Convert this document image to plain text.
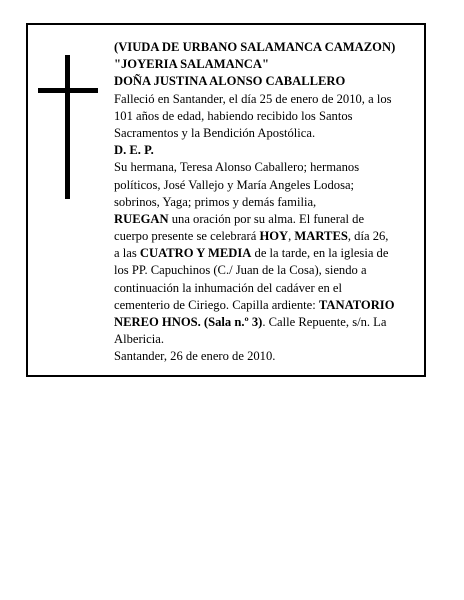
(VIUDA DE URBANO SALAMANCA CAMAZON)
"JOYERIA SALAMANCA"
DOÑA JUSTINA ALONSO CABALLERO
Falleció en Santander, el día 25 de enero de 2010, a los
101 años de edad, habiendo recibido los Santos
Sacramentos y la Bendición Apostólica.
D. E. P.
Su hermana, Teresa Alonso Caballero; hermanos
políticos, José Vallejo y María Angeles Lodosa;
sobrinos, Yaga; primos y demás familia,
RUEGAN una oración por su alma. El funeral de
cuerpo presente se celebrará HOY, MARTES, día 26,
a las CUATRO Y MEDIA de la tarde, en la iglesia de
los PP. Capuchinos (C./ Juan de la Cosa), siendo a
continuación la inhumación del cadáver en el
cementerio de Ciriego. Capilla ardiente: TANATORIO
NEREO HNOS. (Sala n.º 3). Calle Repuente, s/n. La
Albericia.
Santander, 26 de enero de 2010.
